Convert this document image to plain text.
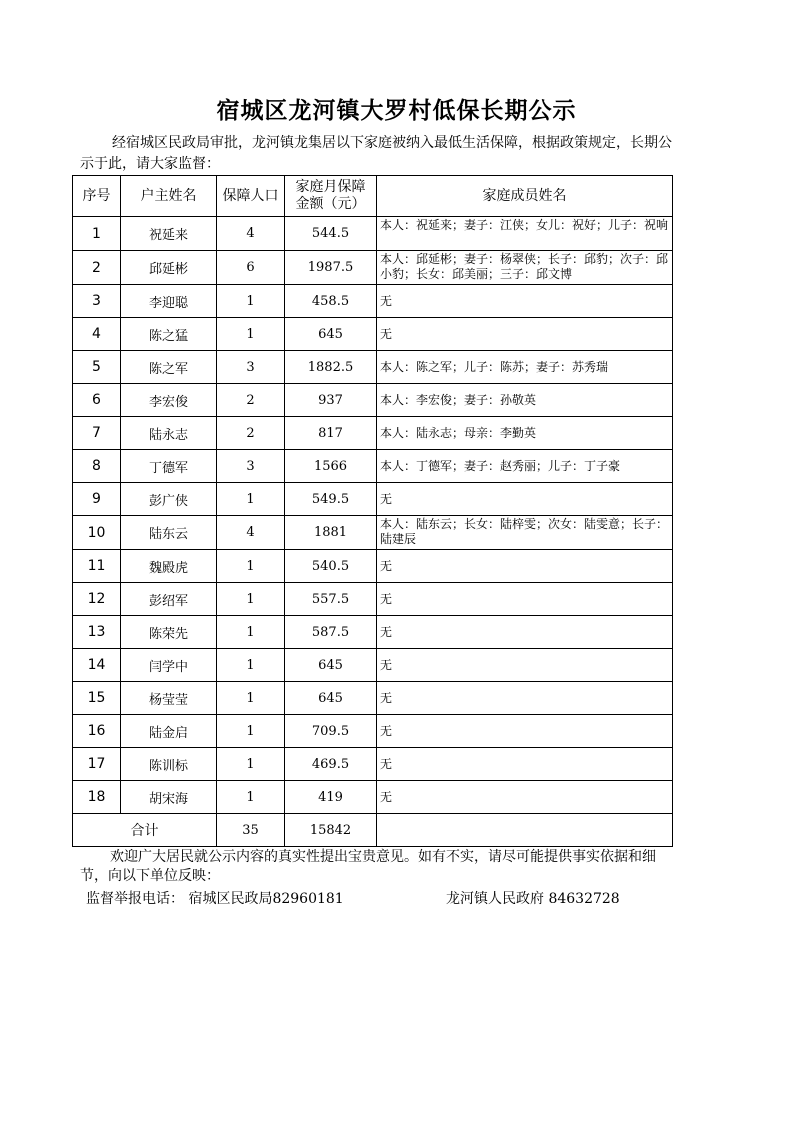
宿城区龙河镇大罗村低保长期公示
经宿城区民政局审批，龙河镇龙集居以下家庭被纳入最低生活保障，根据政策规定，长期公示于此，请大家监督：
序号	户主姓名	保障人口	家庭月保障
金额（元）	家庭成员姓名
1	祝延来	4	544.5	本人：祝延来；妻子：江侠；女儿：祝好；儿子：祝响
2	邱延彬	6	1987.5	本人：邱延彬；妻子：杨翠侠；长子：邱豹；次子：邱小豹；长女：邱美丽；三子：邱文博
3	李迎聪	1	458.5	无
4	陈之猛	1	645	无
5	陈之军	3	1882.5	本人：陈之军；儿子：陈苏；妻子：苏秀瑞
6	李宏俊	2	937	本人：李宏俊；妻子：孙敬英
7	陆永志	2	817	本人：陆永志；母亲：李勤英
8	丁德军	3	1566	本人：丁德军；妻子：赵秀丽；儿子：丁子豪
9	彭广侠	1	549.5	无
10	陆东云	4	1881	本人：陆东云；长女：陆梓雯；次女：陆雯意；长子：陆建辰
11	魏殿虎	1	540.5	无
12	彭绍军	1	557.5	无
13	陈荣先	1	587.5	无
14	闫学中	1	645	无
15	杨莹莹	1	645	无
16	陆金启	1	709.5	无
17	陈训标	1	469.5	无
18	胡宋海	1	419	无
合计		35	15842	
欢迎广大居民就公示内容的真实性提出宝贵意见。如有不实，请尽可能提供事实依据和细节，向以下单位反映：
监督举报电话： 宿城区民政局82960181	龙河镇人民政府 84632728
